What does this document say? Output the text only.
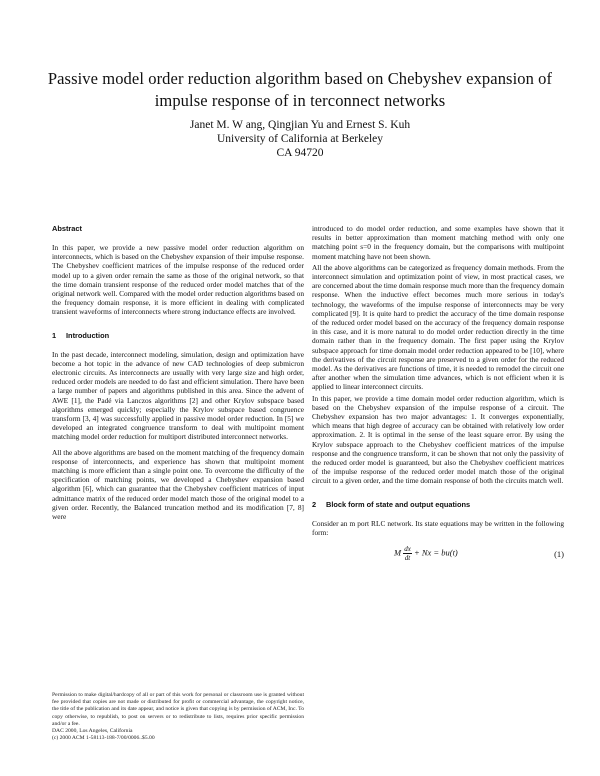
Passive model order reduction algorithm based on Chebyshev expansion of impulse response of in terconnect networks
Janet M. W ang, Qingjian Yu and Ernest S. Kuh
University of California at Berkeley
CA 94720
Abstract

In this paper, we provide a new passive model order reduction algorithm on interconnects, which is based on the Chebyshev expansion of their impulse response. The Chebyshev coefficient matrices of the impulse response of the reduced order model up to a given order remain the same as those of the original network, so that the time domain transient response of the reduced order model matches that of the original network well. Compared with the model order reduction algorithms based on the frequency domain response, it is more efficient in dealing with complicated transient waveforms of interconnects where strong inductance effects are involved.

1 Introduction

In the past decade, interconnect modeling, simulation, design and optimization have become a hot topic in the advance of new CAD technologies of deep submicron electronic circuits. As interconnects are usually with very large size and high order, reduced order models are needed to do fast and efficient simulation. There have been a large number of papers and algorithms published in this area. Since the advent of AWE [1], the Padé via Lanczos algorithms [2] and other Krylov subspace based algorithms emerged quickly; especially the Krylov subspace based congruence transform [3, 4] was successfully applied in passive model order reduction. In [5] we developed an integrated congruence transform to deal with multipoint moment matching model order reduction for multiport distributed interconnect networks.

All the above algorithms are based on the moment matching of the frequency domain response of interconnects, and experience has shown that multipoint moment matching is more efficient than a single point one. To overcome the difficulty of the specification of matching points, we developed a Chebyshev expansion based algorithm [6], which can guarantee that the Chebyshev coefficient matrices of input admittance matrix of the reduced order model match those of the original model to a given order. Recently, the Balanced truncation method and its modification [7, 8] were

introduced to do model order reduction, and some examples have shown that it results in better approximation than moment matching method with only one matching point s=0 in the frequency domain, but the comparisons with multipoint moment matching have not been shown.

All the above algorithms can be categorized as frequency domain methods. From the interconnect simulation and optimization point of view, in most practical cases, we are concerned about the time domain response much more than the frequency domain response. When the inductive effect becomes much more serious in today's technology, the waveforms of the impulse response of interconnects may be very complicated [9]. It is quite hard to predict the accuracy of the time domain response of the reduced order model based on the accuracy of the frequency domain response in this case, and it is more natural to do model order reduction directly in the time domain rather than in the frequency domain. The first paper using the Krylov subspace approach for time domain model order reduction appeared to be [10], where the derivatives of the circuit response are preserved to a given order for the reduced model. As the derivatives are functions of time, it is needed to remodel the circuit one after another when the simulation time advances, which is not efficient when it is applied to linear interconnect circuits.

In this paper, we provide a time domain model order reduction algorithm, which is based on the Chebyshev expansion of the impulse response of a circuit. The Chebyshev expansion has two major advantages: 1. It converges exponentially, which means that high degree of accuracy can be obtained with relatively low order approximation. 2. It is optimal in the sense of the least square error. By using the Krylov subspace approach to the Chebyshev coefficient matrices of the impulse response and the congruence transform, it can be shown that not only the passivity of the reduced order model is guaranteed, but also the Chebyshev coefficient matrices of the impulse response of the reduced order model match those of the original circuit to a given order, and the time domain response of both the circuits match well.

2 Block form of state and output equations

Consider an m port RLC network. Its state equations may be written in the following form:

M $\frac{dx}{dt} + Nx = bu(t)$	(1)
Permission to make digital/hardcopy of all or part of this work for personal or classroom use is granted without fee provided that copies are not made or distributed for profit or commercial advantage, the copyright notice, the title of the publication and its date appear, and notice is given that copying is by permission of ACM, Inc. To copy otherwise, to republish, to post on servers or to redistribute to lists, requires prior specific permission and/or a fee.
DAC 2000, Los Angeles, California
(c) 2000 ACM 1-58113-188-7/00/0006..$5.00
